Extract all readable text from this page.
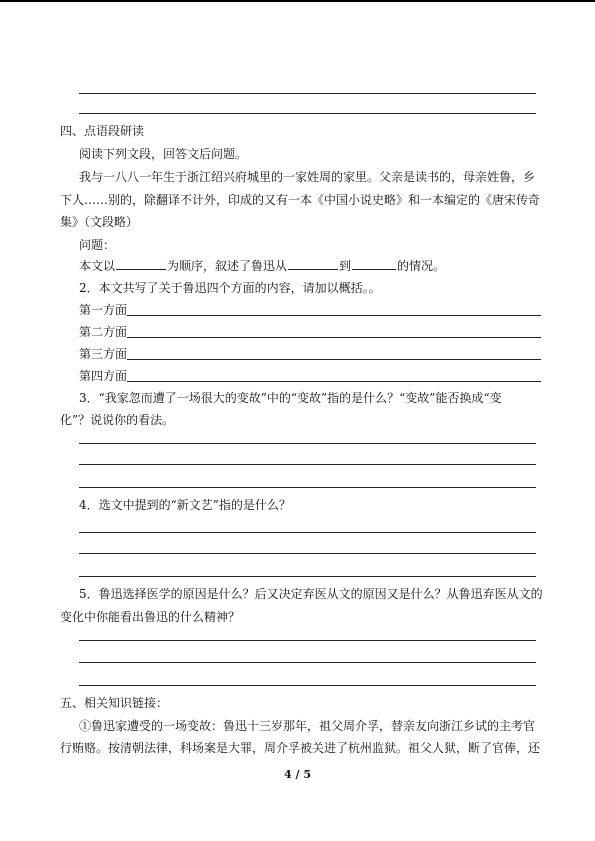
四、点语段研读
阅读下列文段，回答文后问题。
我与一八八一年生于浙江绍兴府城里的一家姓周的家里。父亲是读书的，母亲姓鲁，乡
下人……别的，除翻译不计外，印成的又有一本《中国小说史略》和一本编定的《唐宋传奇
集》（文段略）
问题：
本文以	为顺序，叙述了鲁迅从	到	的情况。
2．本文共写了关于鲁迅四个方面的内容，请加以概括。。
第一方面
第二方面
第三方面
第四方面
3．“我家忽而遭了一场很大的变故”中的“变故”指的是什么？“变故”能否换成“变
化”？说说你的看法。
4．选文中提到的“新文艺”指的是什么？
5．鲁迅选择医学的原因是什么？后又决定弃医从文的原因又是什么？从鲁迅弃医从文的
变化中你能看出鲁迅的什么精神？
五、相关知识链接：
①鲁迅家遭受的一场变故：鲁迅十三岁那年，祖父周介孚，替亲友向浙江乡试的主考官
行贿赂。按清朝法律，科场案是大罪，周介孚被关进了杭州监狱。祖父人狱，断了官俸，还
4 / 5
